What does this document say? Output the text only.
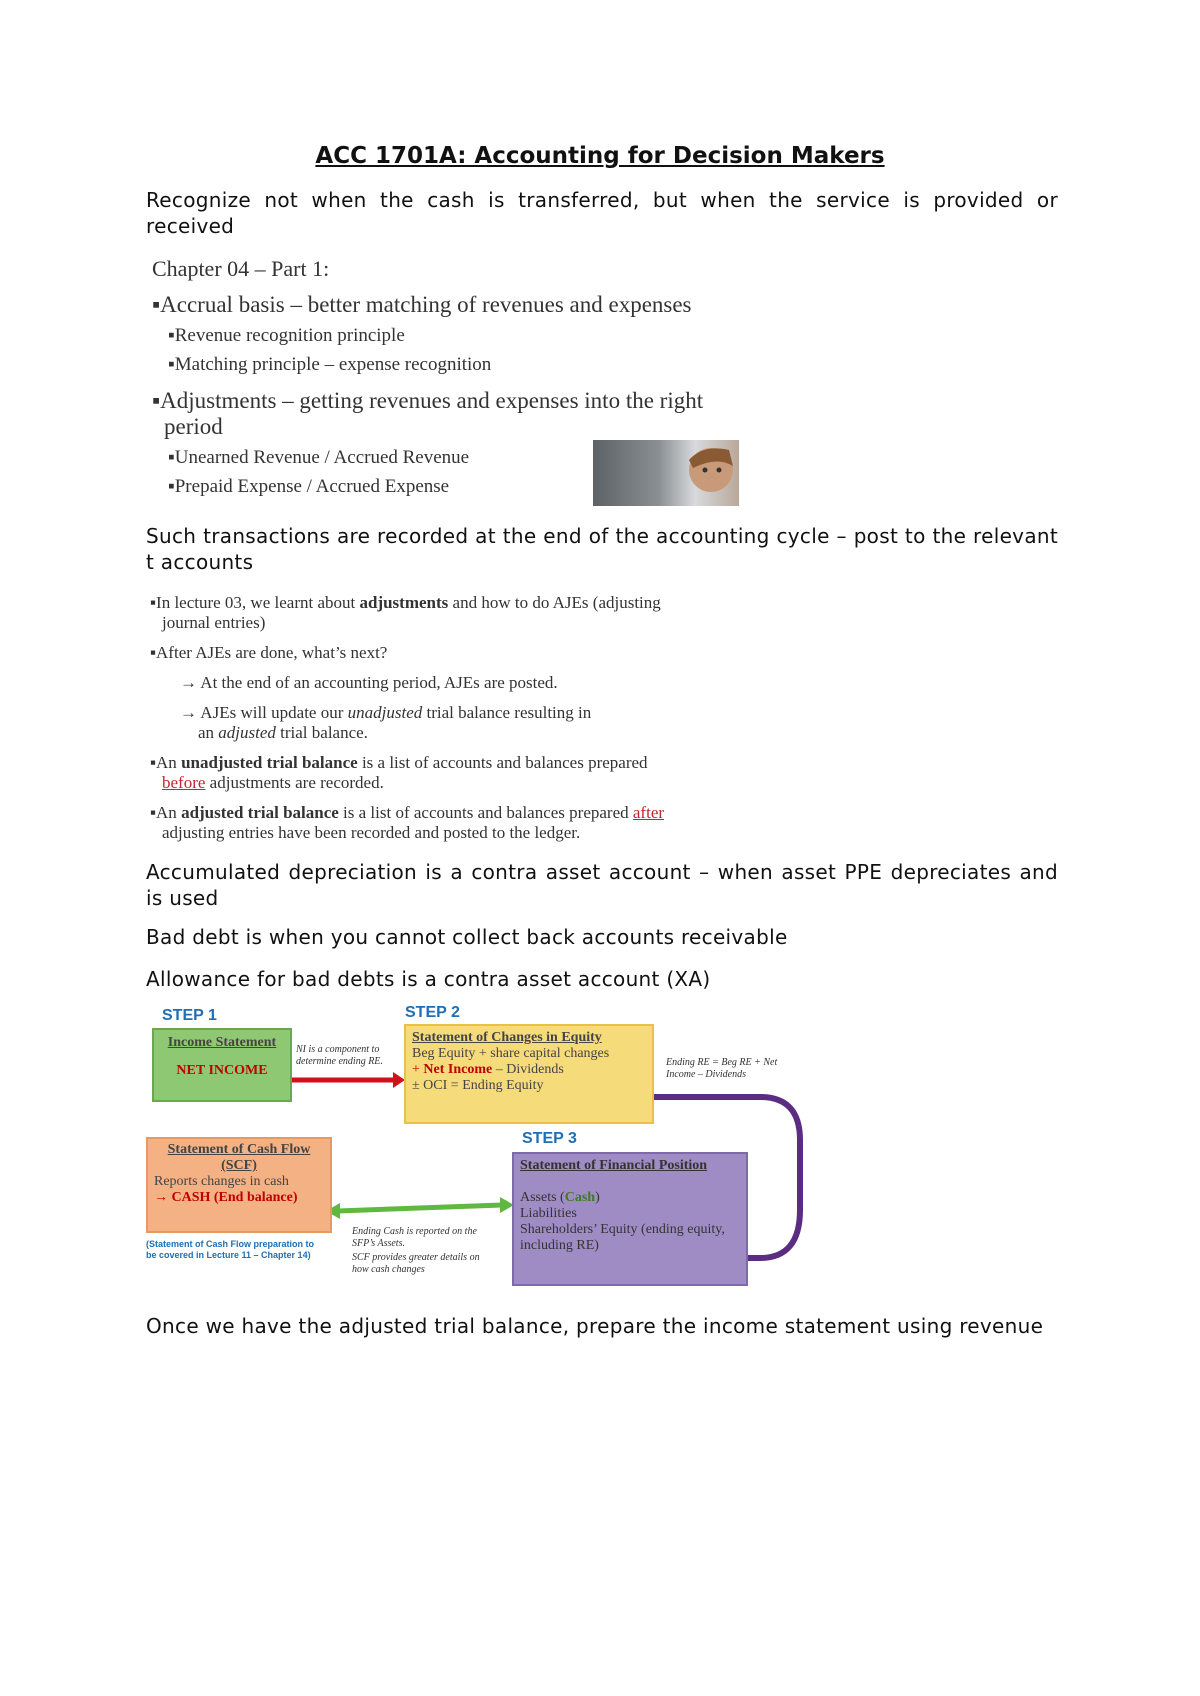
ACC 1701A: Accounting for Decision Makers
Recognize not when the cash is transferred, but when the service is provided or received
Chapter 04 – Part 1:
▪Accrual basis – better matching of revenues and expenses
▪Revenue recognition principle
▪Matching principle – expense recognition
▪Adjustments – getting revenues and expenses into the right
period
▪Unearned Revenue / Accrued Revenue
▪Prepaid Expense / Accrued Expense
Such transactions are recorded at the end of the accounting cycle – post to the relevant t accounts
▪In lecture 03, we learnt about adjustments and how to do AJEs (adjusting
journal entries)
▪After AJEs are done, what’s next?
→ At the end of an accounting period, AJEs are posted.
→ AJEs will update our unadjusted trial balance resulting in
an adjusted trial balance.
▪An unadjusted trial balance is a list of accounts and balances prepared
before adjustments are recorded.
▪An adjusted trial balance is a list of accounts and balances prepared after
adjusting entries have been recorded and posted to the ledger.
Accumulated depreciation is a contra asset account – when asset PPE depreciates and is used
Bad debt is when you cannot collect back accounts receivable
Allowance for bad debts is a contra asset account (XA)
STEP 1	STEP 2
STEP 3
Income Statement
NET INCOME
NI is a component to determine ending RE.
Statement of Changes in Equity
Beg Equity + share capital changes
+ Net Income – Dividends
± OCI = Ending Equity
Ending RE = Beg RE + Net Income – Dividends
Statement of Cash Flow
(SCF)
Reports changes in cash
→ CASH (End balance)
(Statement of Cash Flow preparation to be covered in Lecture 11 – Chapter 14)
Ending Cash is reported on the SFP’s Assets.
SCF provides greater details on how cash changes
Statement of Financial Position
Assets (Cash)
Liabilities
Shareholders’ Equity (ending equity, including RE)
Once we have the adjusted trial balance, prepare the income statement using revenue
